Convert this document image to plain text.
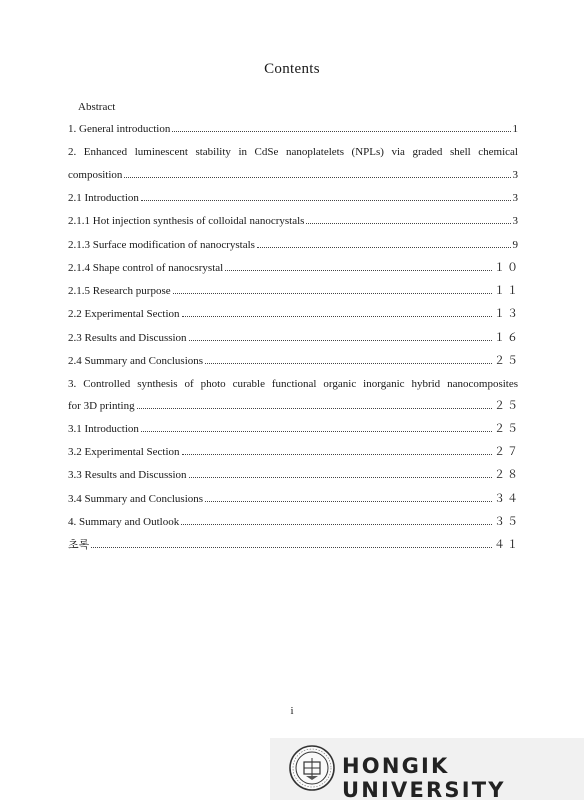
Contents
Abstract
1. General introduction	1
2. Enhanced luminescent stability in CdSe nanoplatelets (NPLs) via graded shell chemical
composition	3
2.1 Introduction	3
2.1.1 Hot injection synthesis of colloidal nanocrystals	3
2.1.3 Surface modification of nanocrystals	9
2.1.4 Shape control of nanocsrystal	１０
2.1.5 Research purpose	１１
2.2 Experimental Section	１３
2.3 Results and Discussion	１６
2.4 Summary and Conclusions	２５
3. Controlled synthesis of photo curable functional organic inorganic hybrid nanocomposites
for 3D printing	２５
3.1 Introduction	２５
3.2 Experimental Section	２７
3.3 Results and Discussion	２８
3.4 Summary and Conclusions	３４
4. Summary and Outlook	３５
초록	４１
i
HONGIK UNIVERSITY
